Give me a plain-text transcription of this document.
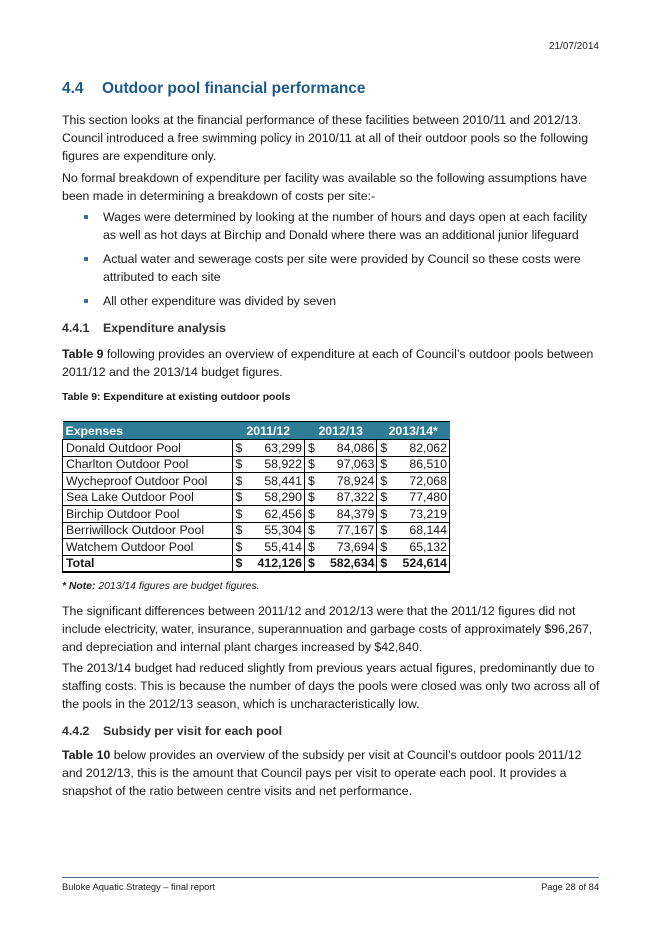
21/07/2014
4.4 Outdoor pool financial performance

This section looks at the financial performance of these facilities between 2010/11 and 2012/13. Council introduced a free swimming policy in 2010/11 at all of their outdoor pools so the following figures are expenditure only.

No formal breakdown of expenditure per facility was available so the following assumptions have been made in determining a breakdown of costs per site:-

Wages were determined by looking at the number of hours and days open at each facility as well as hot days at Birchip and Donald where there was an additional junior lifeguard
Actual water and sewerage costs per site were provided by Council so these costs were attributed to each site
All other expenditure was divided by seven
4.4.1 Expenditure analysis

Table 9 following provides an overview of expenditure at each of Council’s outdoor pools between 2011/12 and the 2013/14 budget figures.

Table 9: Expenditure at existing outdoor pools
Expenses	2011/12	2012/13	2013/14*
Donald Outdoor Pool	$ 63,299	$ 84,086	$ 82,062

Charlton Outdoor Pool	$ 58,922	$ 97,063	$ 86,510

Wycheproof Outdoor Pool	$ 58,441	$ 78,924	$ 72,068

Sea Lake Outdoor Pool	$ 58,290	$ 87,322	$ 77,480

Birchip Outdoor Pool	$ 62,456	$ 84,379	$ 73,219

Berriwillock Outdoor Pool	$ 55,304	$ 77,167	$ 68,144

Watchem Outdoor Pool	$ 55,414	$ 73,694	$ 65,132

Total	$ 412,126	$ 582,634	$ 524,614
* Note: 2013/14 figures are budget figures.

The significant differences between 2011/12 and 2012/13 were that the 2011/12 figures did not include electricity, water, insurance, superannuation and garbage costs of approximately $96,267, and depreciation and internal plant charges increased by $42,840.

The 2013/14 budget had reduced slightly from previous years actual figures, predominantly due to staffing costs. This is because the number of days the pools were closed was only two across all of the pools in the 2012/13 season, which is uncharacteristically low.

4.4.2 Subsidy per visit for each pool

Table 10 below provides an overview of the subsidy per visit at Council’s outdoor pools 2011/12 and 2012/13, this is the amount that Council pays per visit to operate each pool. It provides a snapshot of the ratio between centre visits and net performance.

Buloke Aquatic Strategy – final report	Page 28 of 84
